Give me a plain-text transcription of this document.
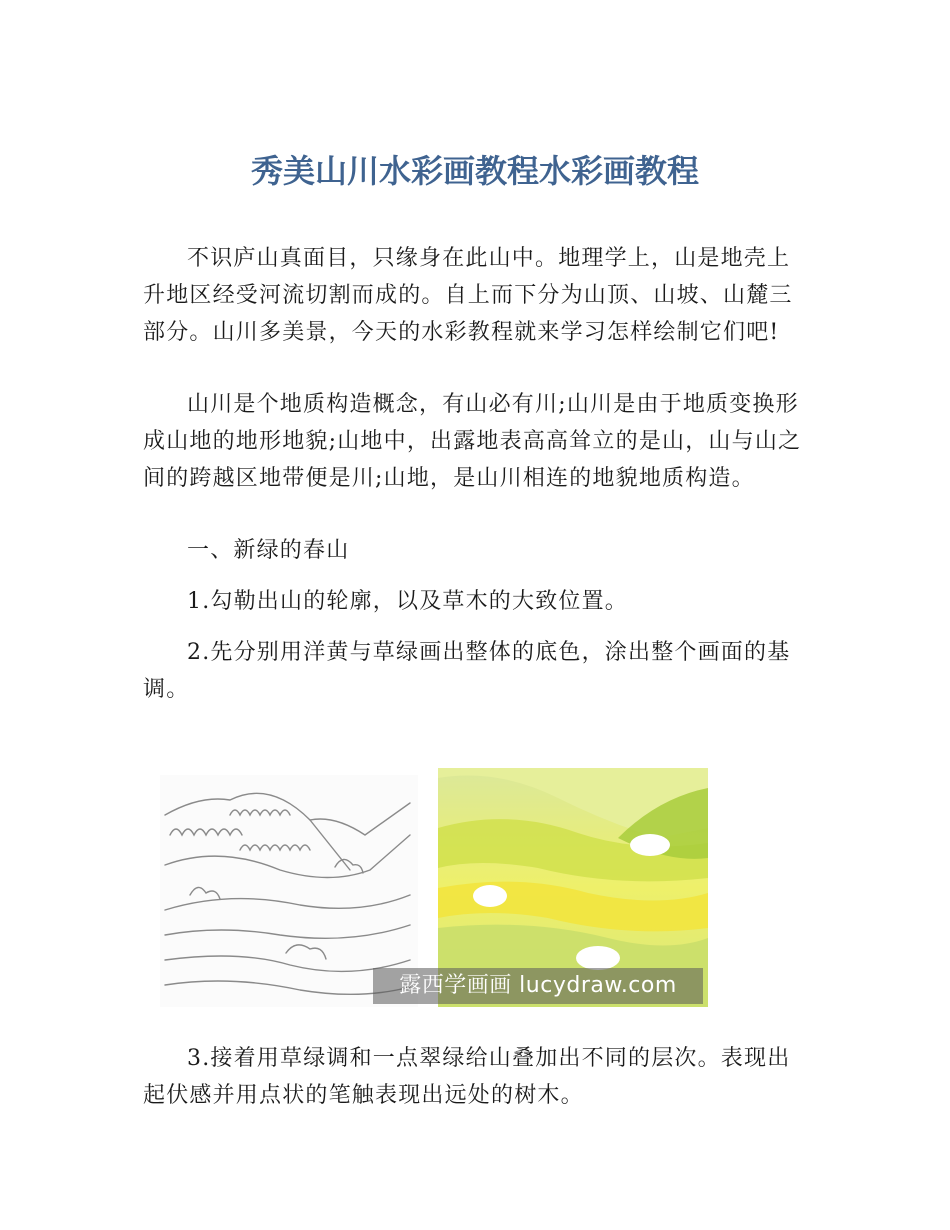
秀美山川水彩画教程水彩画教程

不识庐山真面目，只缘身在此山中。地理学上，山是地壳上升地区经受河流切割而成的。自上而下分为山顶、山坡、山麓三部分。山川多美景，今天的水彩教程就来学习怎样绘制它们吧!

山川是个地质构造概念，有山必有川;山川是由于地质变换形成山地的地形地貌;山地中，出露地表高高耸立的是山，山与山之间的跨越区地带便是川;山地，是山川相连的地貌地质构造。

一、新绿的春山

1.勾勒出山的轮廓，以及草木的大致位置。

2.先分别用洋黄与草绿画出整体的底色，涂出整个画面的基调。

露西学画画 lucydraw.com

3.接着用草绿调和一点翠绿给山叠加出不同的层次。表现出起伏感并用点状的笔触表现出远处的树木。
